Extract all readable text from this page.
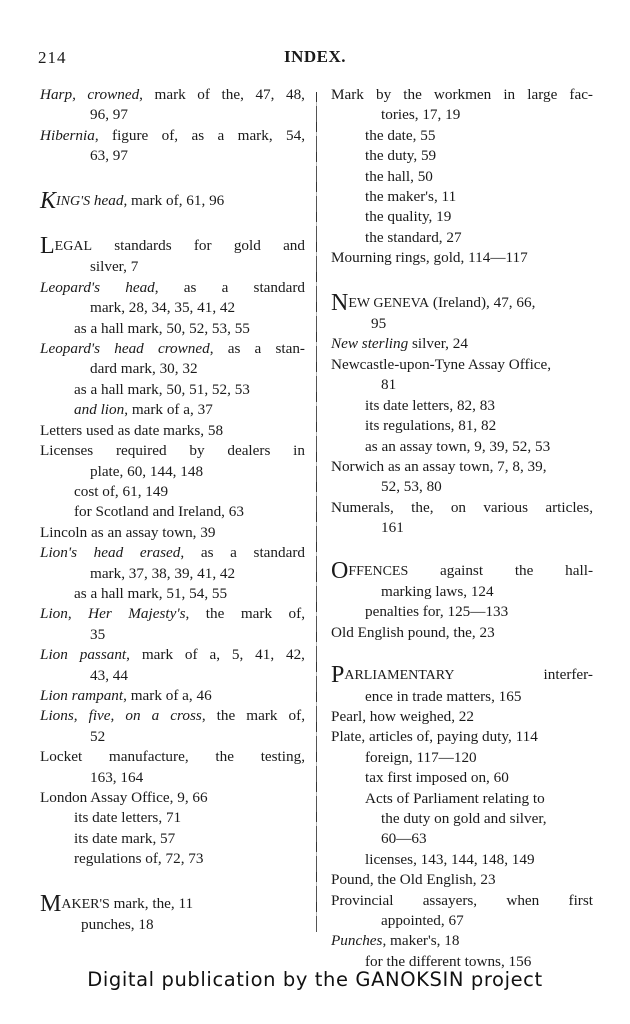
214	INDEX.
Harp, crowned, mark of the, 47, 48,
96, 97
Hibernia, figure of, as a mark, 54,
63, 97
KING'S head, mark of, 61, 96
LEGAL standards for gold and
silver, 7
Leopard's head, as a standard
mark, 28, 34, 35, 41, 42
as a hall mark, 50, 52, 53, 55
Leopard's head crowned, as a stan-
dard mark, 30, 32
as a hall mark, 50, 51, 52, 53
and lion, mark of a, 37
Letters used as date marks, 58
Licenses required by dealers in
plate, 60, 144, 148
cost of, 61, 149
for Scotland and Ireland, 63
Lincoln as an assay town, 39
Lion's head erased, as a standard
mark, 37, 38, 39, 41, 42
as a hall mark, 51, 54, 55
Lion, Her Majesty's, the mark of,
35
Lion passant, mark of a, 5, 41, 42,
43, 44
Lion rampant, mark of a, 46
Lions, five, on a cross, the mark of,
52
Locket manufacture, the testing,
163, 164
London Assay Office, 9, 66
its date letters, 71
its date mark, 57
regulations of, 72, 73
MAKER'S mark, the, 11
punches, 18
Mark by the workmen in large fac-
tories, 17, 19
the date, 55
the duty, 59
the hall, 50
the maker's, 11
the quality, 19
the standard, 27
Mourning rings, gold, 114—117
NEW GENEVA (Ireland), 47, 66,
95
New sterling silver, 24
Newcastle-upon-Tyne Assay Office,
81
its date letters, 82, 83
its regulations, 81, 82
as an assay town, 9, 39, 52, 53
Norwich as an assay town, 7, 8, 39,
52, 53, 80
Numerals, the, on various articles,
161
OFFENCES against the hall-
marking laws, 124
penalties for, 125—133
Old English pound, the, 23
PARLIAMENTARY interfer-
ence in trade matters, 165
Pearl, how weighed, 22
Plate, articles of, paying duty, 114
foreign, 117—120
tax first imposed on, 60
Acts of Parliament relating to
the duty on gold and silver,
60—63
licenses, 143, 144, 148, 149
Pound, the Old English, 23
Provincial assayers, when first
appointed, 67
Punches, maker's, 18
for the different towns, 156
Digital publication by the GANOKSIN project
